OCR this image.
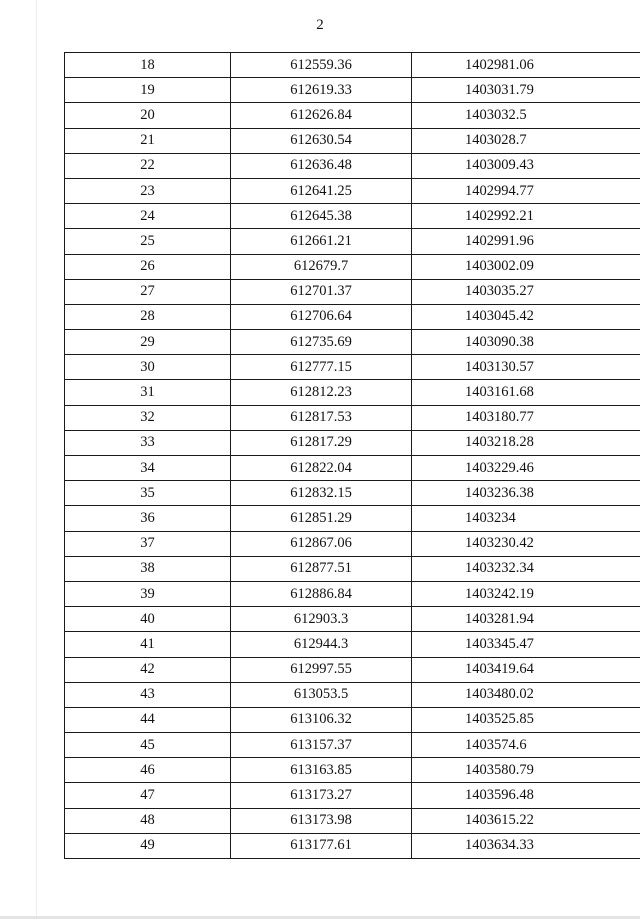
2
18	612559.36	1402981.06
19	612619.33	1403031.79
20	612626.84	1403032.5
21	612630.54	1403028.7
22	612636.48	1403009.43
23	612641.25	1402994.77
24	612645.38	1402992.21
25	612661.21	1402991.96
26	612679.7	1403002.09
27	612701.37	1403035.27
28	612706.64	1403045.42
29	612735.69	1403090.38
30	612777.15	1403130.57
31	612812.23	1403161.68
32	612817.53	1403180.77
33	612817.29	1403218.28
34	612822.04	1403229.46
35	612832.15	1403236.38
36	612851.29	1403234
37	612867.06	1403230.42
38	612877.51	1403232.34
39	612886.84	1403242.19
40	612903.3	1403281.94
41	612944.3	1403345.47
42	612997.55	1403419.64
43	613053.5	1403480.02
44	613106.32	1403525.85
45	613157.37	1403574.6
46	613163.85	1403580.79
47	613173.27	1403596.48
48	613173.98	1403615.22
49	613177.61	1403634.33
